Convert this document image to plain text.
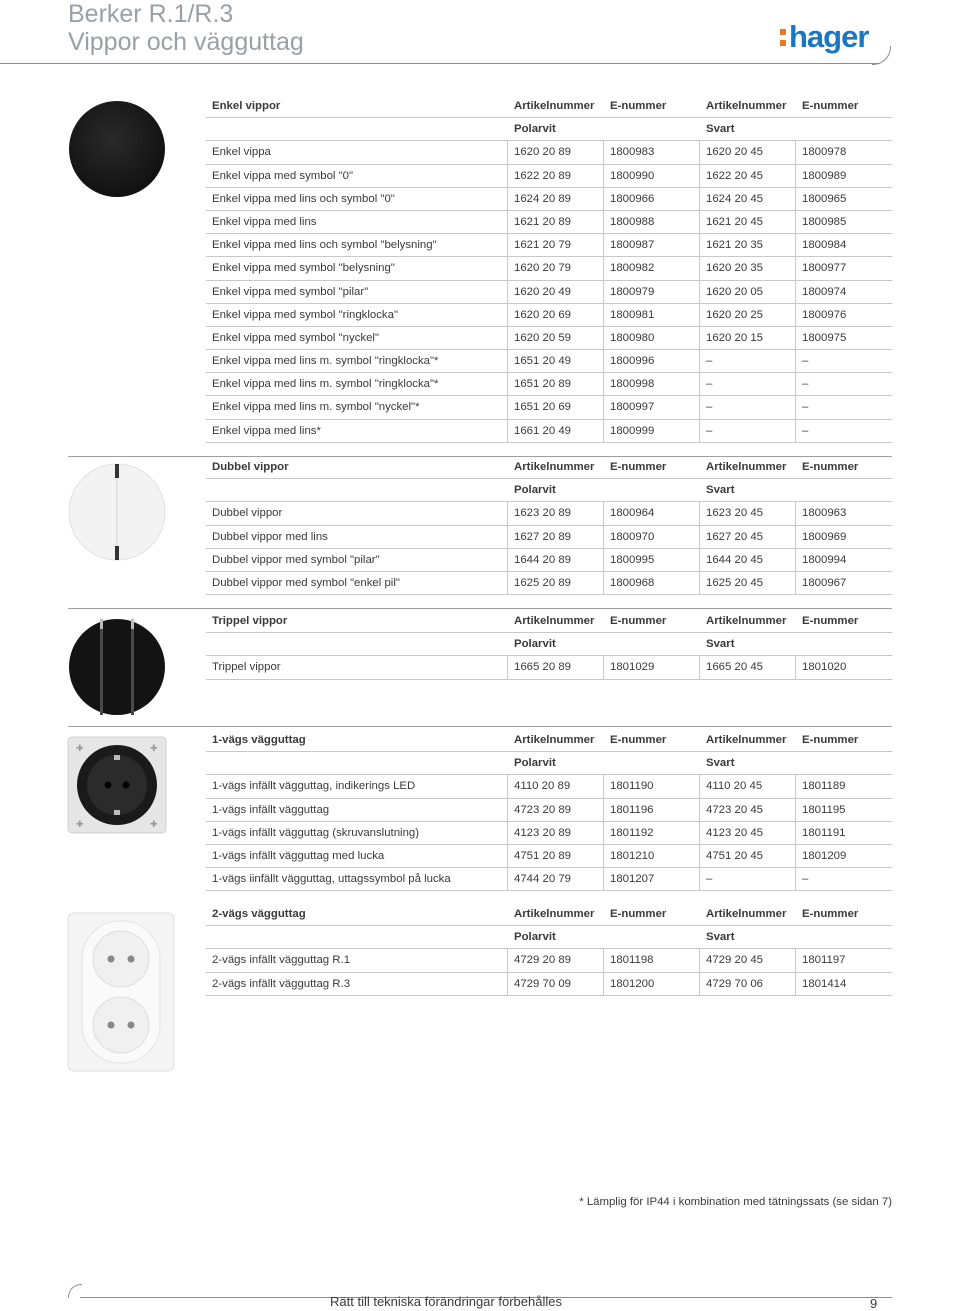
Berker R.1/R.3
Vippor och vägguttag	hager
✚	✚
✚	✚
Enkel vippor	Artikelnummer E-nummer	Artikelnummer E-nummer
Polarvit	Svart
Enkel vippa	1620 20 89	1800983	1620 20 45	1800978
Enkel vippa med symbol "0"	1622 20 89	1800990	1622 20 45	1800989
Enkel vippa med lins och symbol "0"	1624 20 89	1800966	1624 20 45	1800965
Enkel vippa med lins	1621 20 89	1800988	1621 20 45	1800985
Enkel vippa med lins och symbol "belysning"	1621 20 79	1800987	1621 20 35	1800984
Enkel vippa med symbol "belysning"	1620 20 79	1800982	1620 20 35	1800977
Enkel vippa med symbol "pilar"	1620 20 49	1800979	1620 20 05	1800974
Enkel vippa med symbol "ringklocka"	1620 20 69	1800981	1620 20 25	1800976
Enkel vippa med symbol "nyckel"	1620 20 59	1800980	1620 20 15	1800975
Enkel vippa med lins m. symbol "ringklocka"*	1651 20 49	1800996	–	–
Enkel vippa med lins m. symbol "ringklocka"*	1651 20 89	1800998	–	–
Enkel vippa med lins m. symbol "nyckel"*	1651 20 69	1800997	–	–
Enkel vippa med lins*	1661 20 49	1800999	–	–
Dubbel vippor	Artikelnummer E-nummer	Artikelnummer E-nummer
Polarvit	Svart
Dubbel vippor	1623 20 89	1800964	1623 20 45	1800963
Dubbel vippor med lins	1627 20 89	1800970	1627 20 45	1800969
Dubbel vippor med symbol "pilar"	1644 20 89	1800995	1644 20 45	1800994
Dubbel vippor med symbol "enkel pil"	1625 20 89	1800968	1625 20 45	1800967
Trippel vippor	Artikelnummer E-nummer	Artikelnummer E-nummer
Polarvit	Svart
Trippel vippor	1665 20 89	1801029	1665 20 45	1801020
1-vägs vägguttag	Artikelnummer E-nummer	Artikelnummer E-nummer
Polarvit	Svart
1-vägs infällt vägguttag, indikerings LED	4110 20 89	1801190	4110 20 45	1801189
1-vägs infällt vägguttag	4723 20 89	1801196	4723 20 45	1801195
1-vägs infällt vägguttag (skruvanslutning)	4123 20 89	1801192	4123 20 45	1801191
1-vägs infällt vägguttag med lucka	4751 20 89	1801210	4751 20 45	1801209
1-vägs iinfällt vägguttag, uttagssymbol på lucka	4744 20 79	1801207	–	–
2-vägs vägguttag	Artikelnummer E-nummer	Artikelnummer E-nummer
Polarvit	Svart
2-vägs infällt vägguttag R.1	4729 20 89	1801198	4729 20 45	1801197
2-vägs infällt vägguttag R.3	4729 70 09	1801200	4729 70 06	1801414
* Lämplig för IP44 i kombination med tätningssats (se sidan 7)
Rätt till tekniska förändringar förbehålles	9
